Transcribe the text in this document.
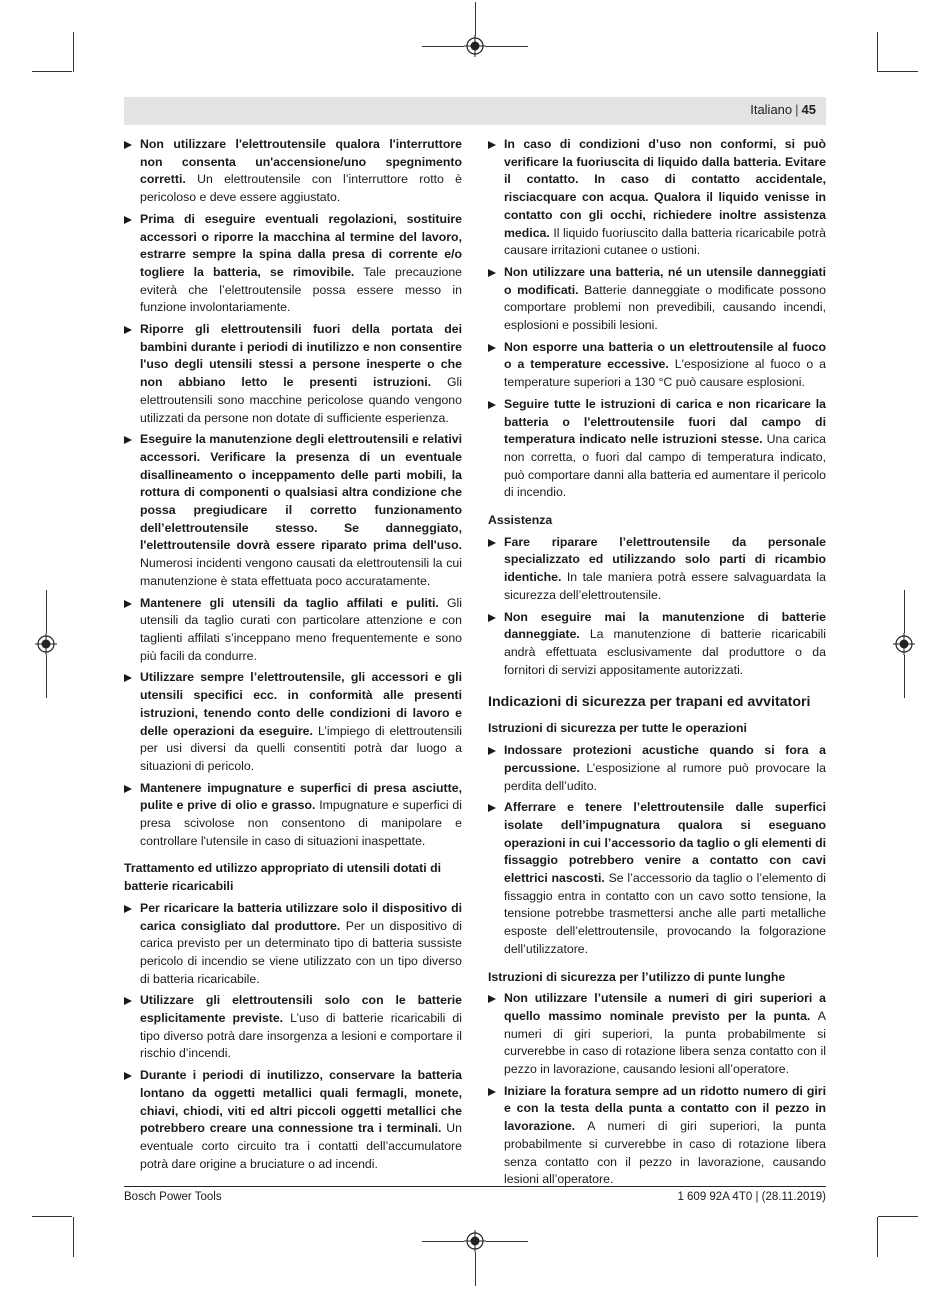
Italiano | 45
Non utilizzare l'elettroutensile qualora l'interruttore non consenta un'accensione/uno spegnimento corretti. Un elettroutensile con l’interruttore rotto è pericoloso e deve essere aggiustato.
Prima di eseguire eventuali regolazioni, sostituire accessori o riporre la macchina al termine del lavoro, estrarre sempre la spina dalla presa di corrente e/o togliere la batteria, se rimovibile. Tale precauzione eviterà che l’elettroutensile possa essere messo in funzione involontariamente.
Riporre gli elettroutensili fuori della portata dei bambini durante i periodi di inutilizzo e non consentire l'uso degli utensili stessi a persone inesperte o che non abbiano letto le presenti istruzioni. Gli elettroutensili sono macchine pericolose quando vengono utilizzati da persone non dotate di sufficiente esperienza.
Eseguire la manutenzione degli elettroutensili e relativi accessori. Verificare la presenza di un eventuale disallineamento o inceppamento delle parti mobili, la rottura di componenti o qualsiasi altra condizione che possa pregiudicare il corretto funzionamento dell’elettroutensile stesso. Se danneggiato, l'elettroutensile dovrà essere riparato prima dell'uso. Numerosi incidenti vengono causati da elettroutensili la cui manutenzione è stata effettuata poco accuratamente.
Mantenere gli utensili da taglio affilati e puliti. Gli utensili da taglio curati con particolare attenzione e con taglienti affilati s’inceppano meno frequentemente e sono più facili da condurre.
Utilizzare sempre l’elettroutensile, gli accessori e gli utensili specifici ecc. in conformità alle presenti istruzioni, tenendo conto delle condizioni di lavoro e delle operazioni da eseguire. L’impiego di elettroutensili per usi diversi da quelli consentiti potrà dar luogo a situazioni di pericolo.
Mantenere impugnature e superfici di presa asciutte, pulite e prive di olio e grasso. Impugnature e superfici di presa scivolose non consentono di manipolare e controllare l'utensile in caso di situazioni inaspettate.
Trattamento ed utilizzo appropriato di utensili dotati di batterie ricaricabili
Per ricaricare la batteria utilizzare solo il dispositivo di carica consigliato dal produttore. Per un dispositivo di carica previsto per un determinato tipo di batteria sussiste pericolo di incendio se viene utilizzato con un tipo diverso di batteria ricaricabile.
Utilizzare gli elettroutensili solo con le batterie esplicitamente previste. L’uso di batterie ricaricabili di tipo diverso potrà dare insorgenza a lesioni e comportare il rischio d’incendi.
Durante i periodi di inutilizzo, conservare la batteria lontano da oggetti metallici quali fermagli, monete, chiavi, chiodi, viti ed altri piccoli oggetti metallici che potrebbero creare una connessione tra i terminali. Un eventuale corto circuito tra i contatti dell’accumulatore potrà dare origine a bruciature o ad incendi.
In caso di condizioni d’uso non conformi, si può verificare la fuoriuscita di liquido dalla batteria. Evitare il contatto. In caso di contatto accidentale, risciacquare con acqua. Qualora il liquido venisse in contatto con gli occhi, richiedere inoltre assistenza medica. Il liquido fuoriuscito dalla batteria ricaricabile potrà causare irritazioni cutanee o ustioni.
Non utilizzare una batteria, né un utensile danneggiati o modificati. Batterie danneggiate o modificate possono comportare problemi non prevedibili, causando incendi, esplosioni e possibili lesioni.
Non esporre una batteria o un elettroutensile al fuoco o a temperature eccessive. L'esposizione al fuoco o a temperature superiori a 130 °C può causare esplosioni.
Seguire tutte le istruzioni di carica e non ricaricare la batteria o l'elettroutensile fuori dal campo di temperatura indicato nelle istruzioni stesse. Una carica non corretta, o fuori dal campo di temperatura indicato, può comportare danni alla batteria ed aumentare il pericolo di incendio.
Assistenza
Fare riparare l’elettroutensile da personale specializzato ed utilizzando solo parti di ricambio identiche. In tale maniera potrà essere salvaguardata la sicurezza dell’elettroutensile.
Non eseguire mai la manutenzione di batterie danneggiate. La manutenzione di batterie ricaricabili andrà effettuata esclusivamente dal produttore o da fornitori di servizi appositamente autorizzati.
Indicazioni di sicurezza per trapani ed avvitatori
Istruzioni di sicurezza per tutte le operazioni
Indossare protezioni acustiche quando si fora a percussione. L’esposizione al rumore può provocare la perdita dell’udito.
Afferrare e tenere l’elettroutensile dalle superfici isolate dell’impugnatura qualora si eseguano operazioni in cui l’accessorio da taglio o gli elementi di fissaggio potrebbero venire a contatto con cavi elettrici nascosti. Se l’accessorio da taglio o l’elemento di fissaggio entra in contatto con un cavo sotto tensione, la tensione potrebbe trasmettersi anche alle parti metalliche esposte dell’elettroutensile, provocando la folgorazione dell’utilizzatore.
Istruzioni di sicurezza per l’utilizzo di punte lunghe
Non utilizzare l’utensile a numeri di giri superiori a quello massimo nominale previsto per la punta. A numeri di giri superiori, la punta probabilmente si curverebbe in caso di rotazione libera senza contatto con il pezzo in lavorazione, causando lesioni all’operatore.
Iniziare la foratura sempre ad un ridotto numero di giri e con la testa della punta a contatto con il pezzo in lavorazione. A numeri di giri superiori, la punta probabilmente si curverebbe in caso di rotazione libera senza contatto con il pezzo in lavorazione, causando lesioni all’operatore.
Bosch Power Tools	1 609 92A 4T0 | (28.11.2019)
